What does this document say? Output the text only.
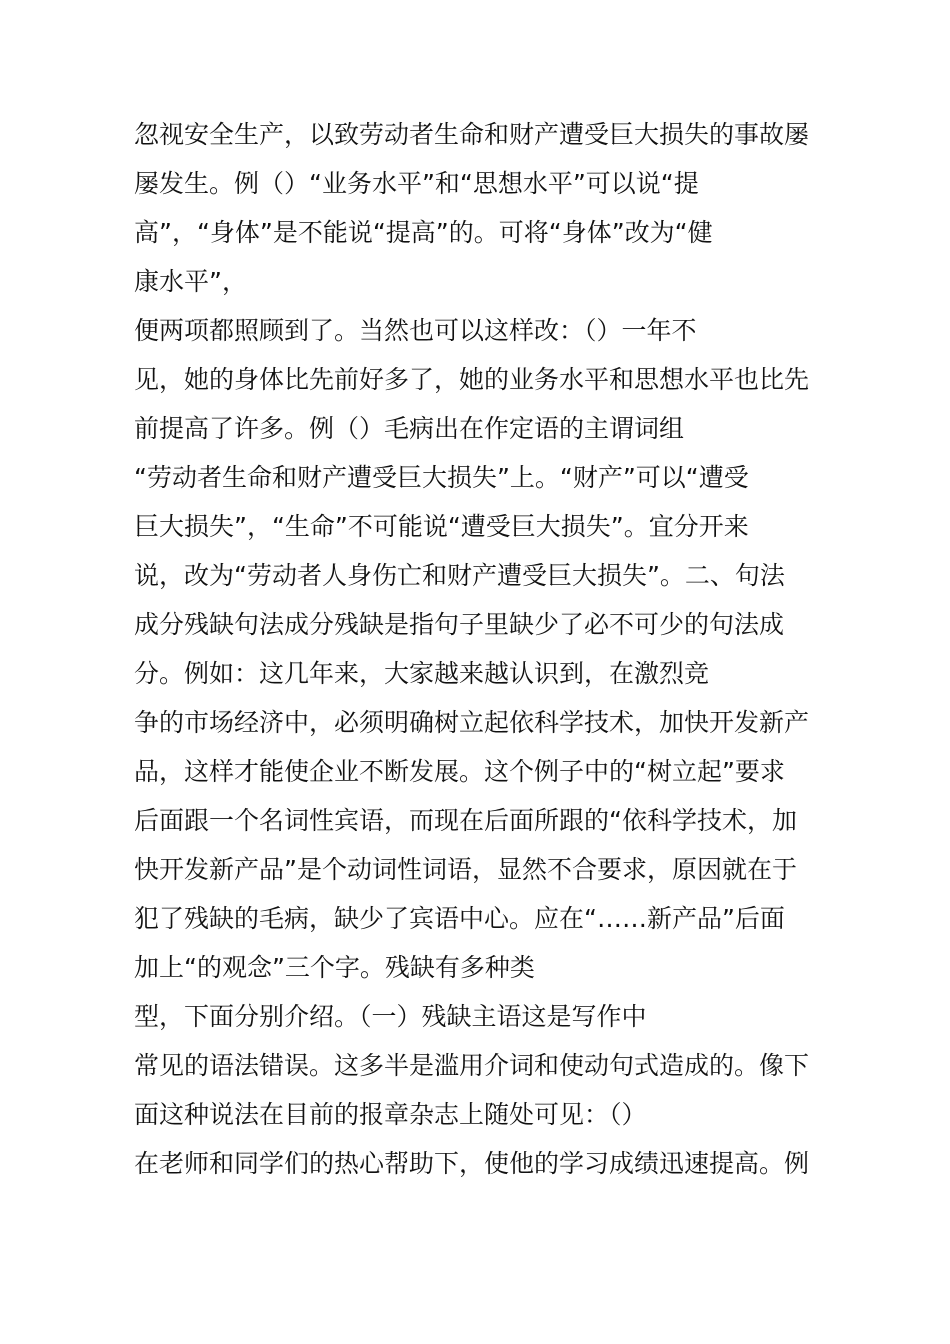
忽视安全生产，以致劳动者生命和财产遭受巨大损失的事故屡
屡发生。例（）“业务水平”和“思想水平”可以说“提
高”，“身体”是不能说“提高”的。可将“身体”改为“健
康水平”，
便两项都照顾到了。当然也可以这样改：（）一年不
见，她的身体比先前好多了，她的业务水平和思想水平也比先
前提高了许多。例（）毛病出在作定语的主谓词组
“劳动者生命和财产遭受巨大损失”上。“财产”可以“遭受
巨大损失”，“生命”不可能说“遭受巨大损失”。宜分开来
说，改为“劳动者人身伤亡和财产遭受巨大损失”。二、句法
成分残缺句法成分残缺是指句子里缺少了必不可少的句法成
分。例如：这几年来，大家越来越认识到，在激烈竞
争的市场经济中，必须明确树立起依科学技术，加快开发新产
品，这样才能使企业不断发展。这个例子中的“树立起”要求
后面跟一个名词性宾语，而现在后面所跟的“依科学技术，加
快开发新产品”是个动词性词语，显然不合要求，原因就在于
犯了残缺的毛病，缺少了宾语中心。应在“……新产品”后面
加上“的观念”三个字。残缺有多种类
型，下面分别介绍。（一）残缺主语这是写作中
常见的语法错误。这多半是滥用介词和使动句式造成的。像下
面这种说法在目前的报章杂志上随处可见：（）
在老师和同学们的热心帮助下，使他的学习成绩迅速提高。例
